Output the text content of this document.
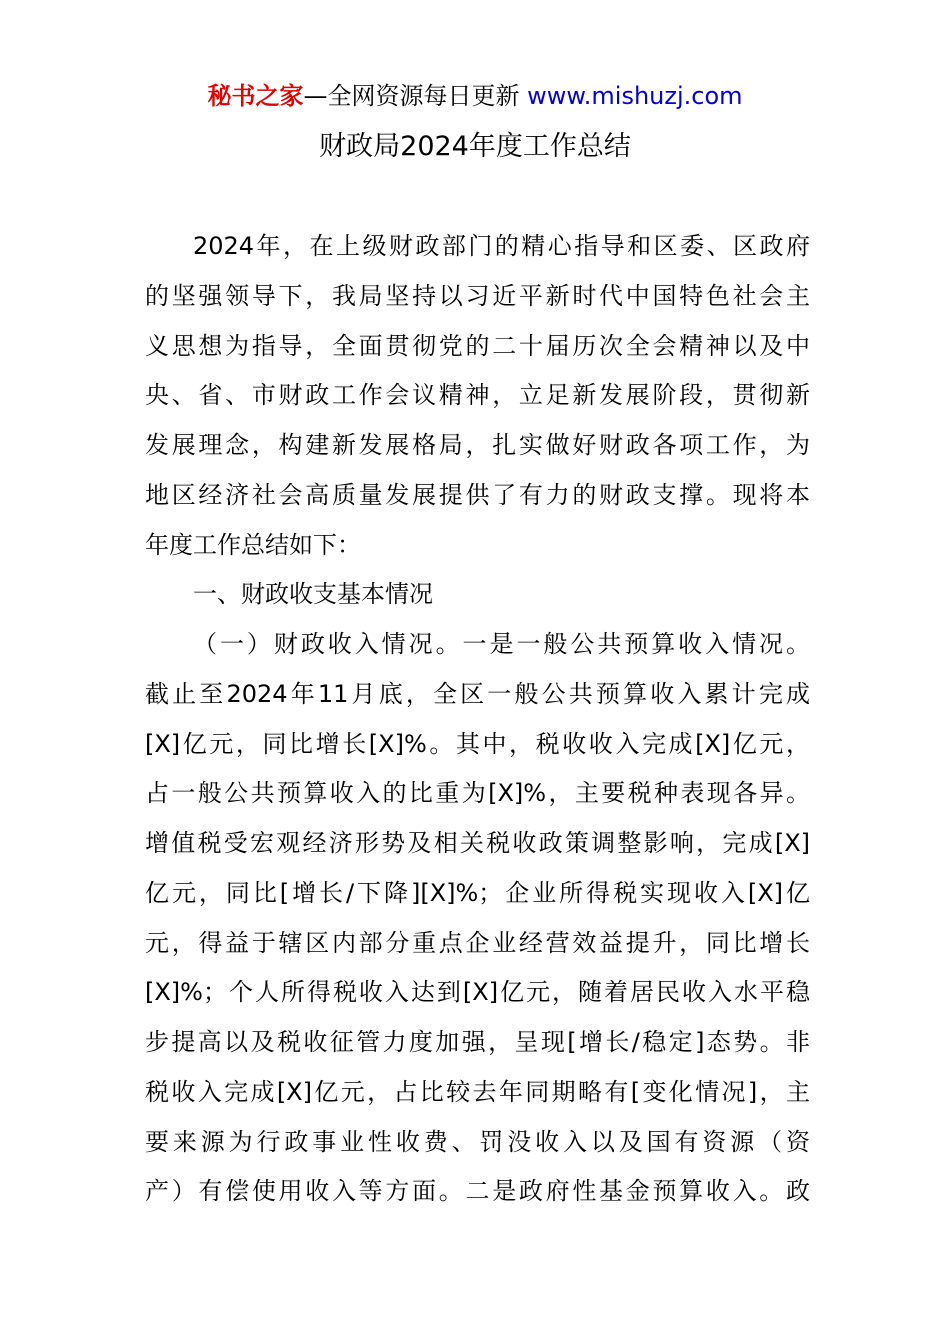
秘书之家—全网资源每日更新 www.mishuzj.com
财政局2024年度工作总结
2024年，在上级财政部门的精心指导和区委、区政府
的坚强领导下，我局坚持以习近平新时代中国特色社会主
义思想为指导，全面贯彻党的二十届历次全会精神以及中
央、省、市财政工作会议精神，立足新发展阶段，贯彻新
发展理念，构建新发展格局，扎实做好财政各项工作，为
地区经济社会高质量发展提供了有力的财政支撑。现将本
年度工作总结如下：
一、财政收支基本情况
（一）财政收入情况。一是一般公共预算收入情况。
截止至2024年11月底，全区一般公共预算收入累计完成
[X]亿元，同比增长[X]%。其中，税收收入完成[X]亿元，
占一般公共预算收入的比重为[X]%，主要税种表现各异。
增值税受宏观经济形势及相关税收政策调整影响，完成[X]
亿元，同比[增长/下降][X]%；企业所得税实现收入[X]亿
元，得益于辖区内部分重点企业经营效益提升，同比增长
[X]%；个人所得税收入达到[X]亿元，随着居民收入水平稳
步提高以及税收征管力度加强，呈现[增长/稳定]态势。非
税收入完成[X]亿元，占比较去年同期略有[变化情况]，主
要来源为行政事业性收费、罚没收入以及国有资源（资
产）有偿使用收入等方面。二是政府性基金预算收入。政
